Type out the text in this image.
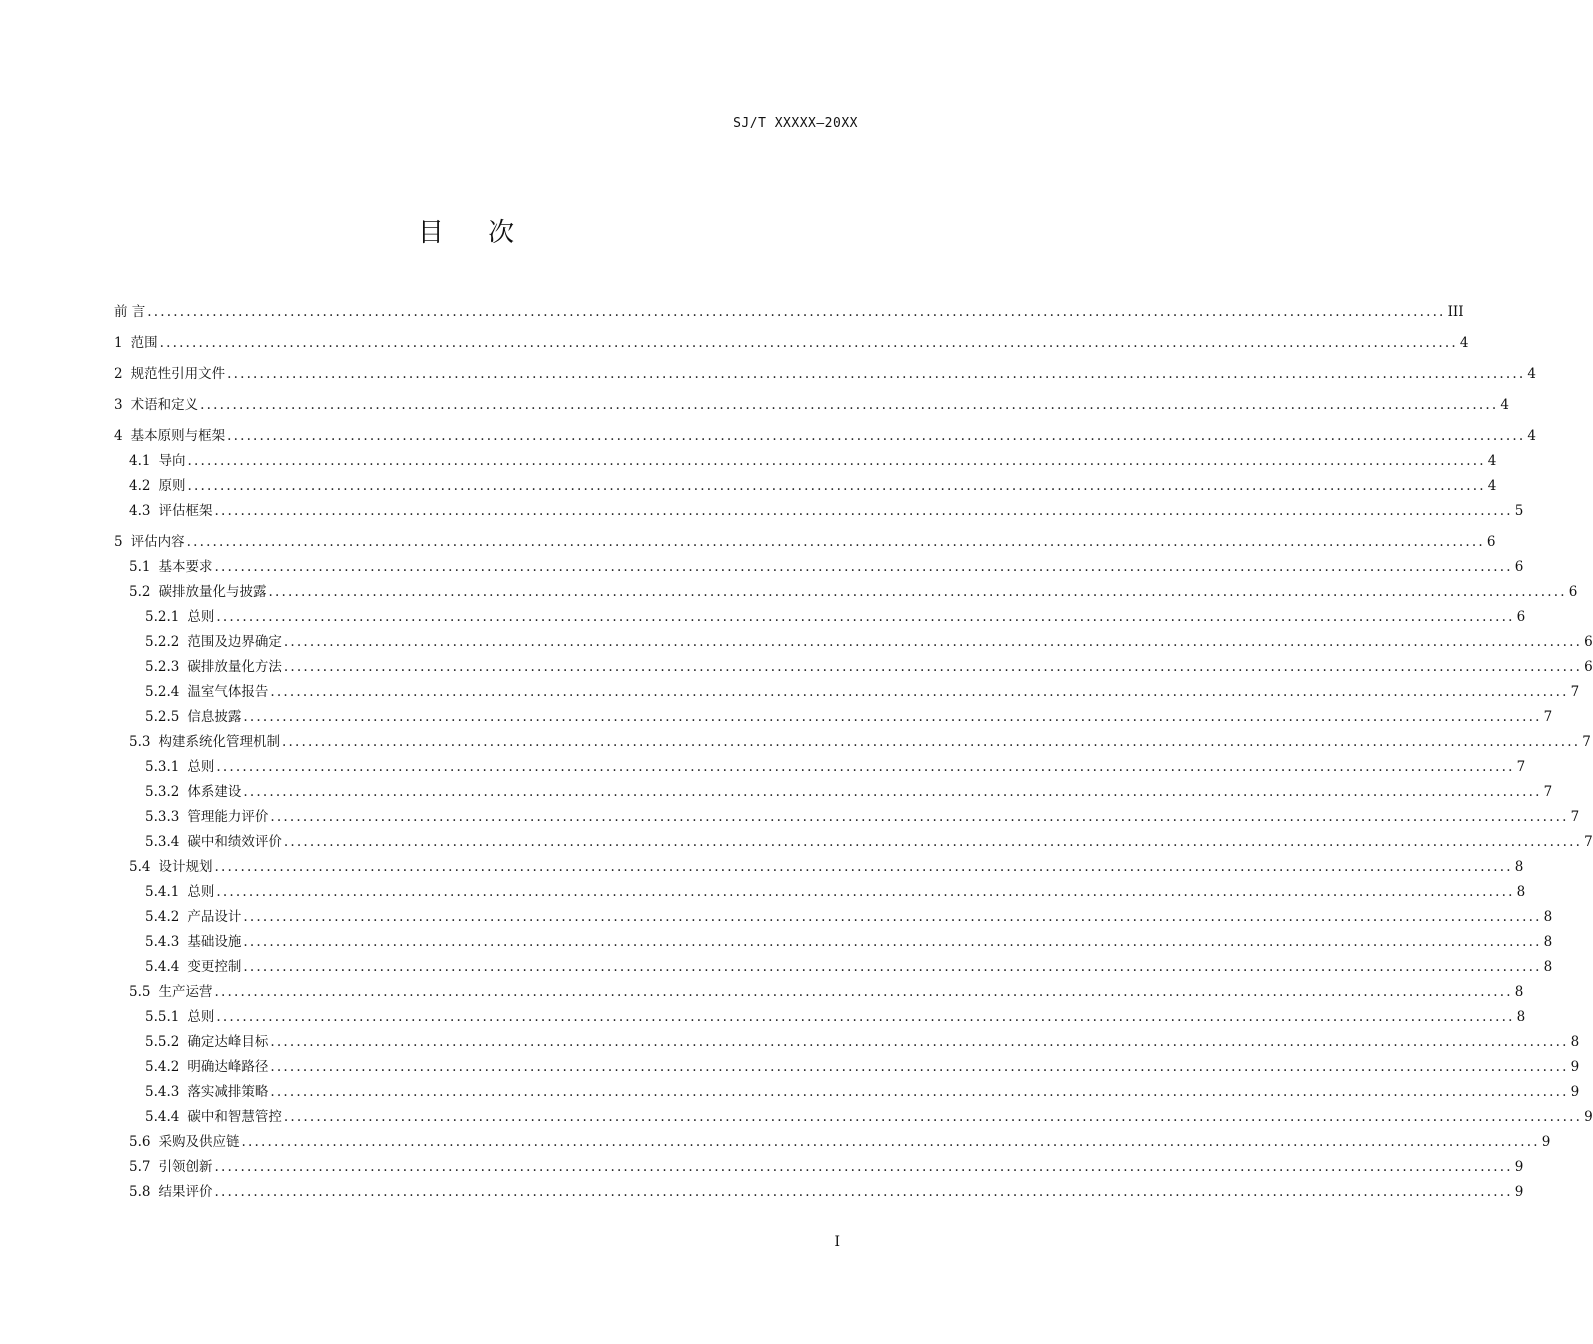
SJ/T XXXXX—20XX
目 次
前 言 ........................................................................................................................................................................................................ III
1 范围 ........................................................................................................................................................................................................ 4
2 规范性引用文件 ........................................................................................................................................................................................................ 4
3 术语和定义 ........................................................................................................................................................................................................ 4
4 基本原则与框架 ........................................................................................................................................................................................................ 4
4.1 导向 ........................................................................................................................................................................................................ 4
4.2 原则 ........................................................................................................................................................................................................ 4
4.3 评估框架 ........................................................................................................................................................................................................ 5
5 评估内容 ........................................................................................................................................................................................................ 6
5.1 基本要求 ........................................................................................................................................................................................................ 6
5.2 碳排放量化与披露 ........................................................................................................................................................................................................ 6
5.2.1 总则 ........................................................................................................................................................................................................ 6
5.2.2 范围及边界确定 ........................................................................................................................................................................................................ 6
5.2.3 碳排放量化方法 ........................................................................................................................................................................................................ 6
5.2.4 温室气体报告 ........................................................................................................................................................................................................ 7
5.2.5 信息披露 ........................................................................................................................................................................................................ 7
5.3 构建系统化管理机制 ........................................................................................................................................................................................................ 7
5.3.1 总则 ........................................................................................................................................................................................................ 7
5.3.2 体系建设 ........................................................................................................................................................................................................ 7
5.3.3 管理能力评价 ........................................................................................................................................................................................................ 7
5.3.4 碳中和绩效评价 ........................................................................................................................................................................................................ 7
5.4 设计规划 ........................................................................................................................................................................................................ 8
5.4.1 总则 ........................................................................................................................................................................................................ 8
5.4.2 产品设计 ........................................................................................................................................................................................................ 8
5.4.3 基础设施 ........................................................................................................................................................................................................ 8
5.4.4 变更控制 ........................................................................................................................................................................................................ 8
5.5 生产运营 ........................................................................................................................................................................................................ 8
5.5.1 总则 ........................................................................................................................................................................................................ 8
5.5.2 确定达峰目标 ........................................................................................................................................................................................................ 8
5.4.2 明确达峰路径 ........................................................................................................................................................................................................ 9
5.4.3 落实减排策略 ........................................................................................................................................................................................................ 9
5.4.4 碳中和智慧管控 ........................................................................................................................................................................................................ 9
5.6 采购及供应链 ........................................................................................................................................................................................................ 9
5.7 引领创新 ........................................................................................................................................................................................................ 9
5.8 结果评价 ........................................................................................................................................................................................................ 9
I
